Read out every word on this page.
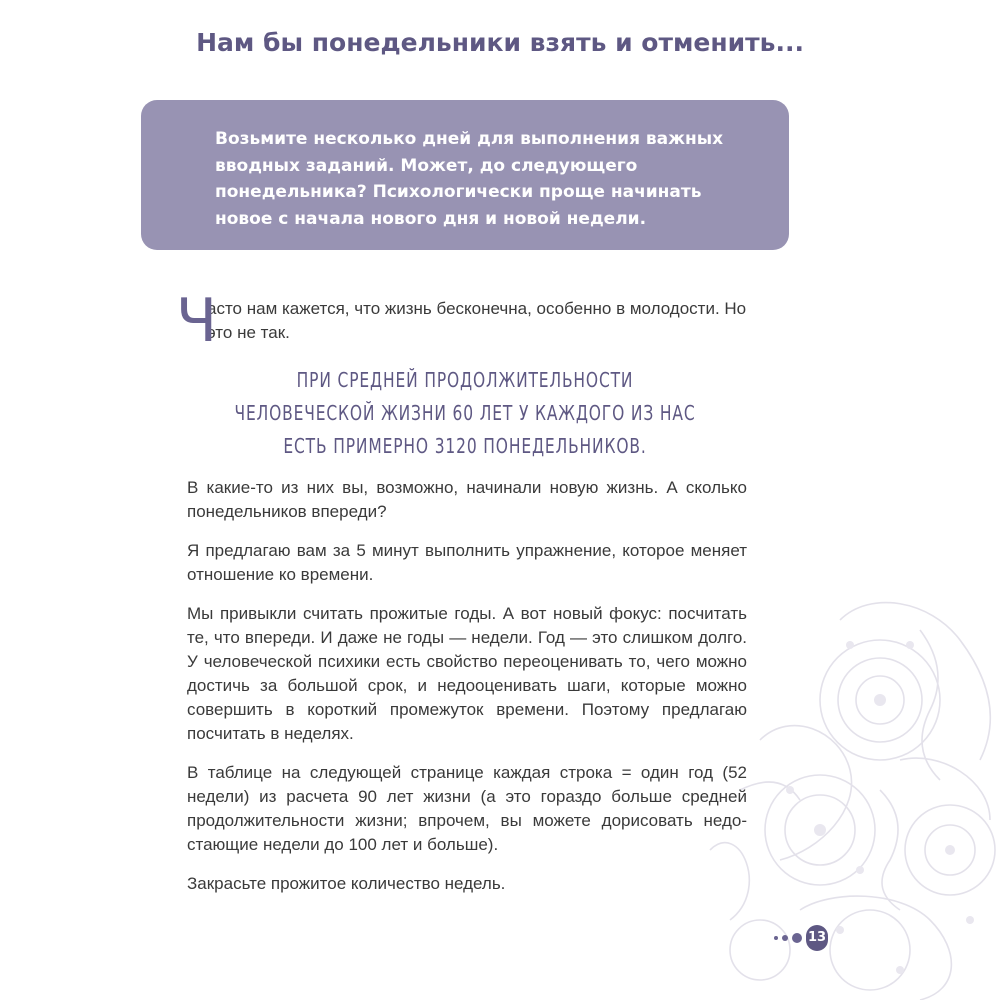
Нам бы понедельники взять и отменить...

Возьмите несколько дней для выполнения важных вводных заданий. Может, до следующего понедельника? Психологически проще начинать новое с начала нового дня и новой недели.

Ч

асто нам кажется, что жизнь бесконечна, особенно в молодости. Но это не так.

ПРИ СРЕДНЕЙ ПРОДОЛЖИТЕЛЬНОСТИ
ЧЕЛОВЕЧЕСКОЙ ЖИЗНИ 60 ЛЕТ У КАЖДОГО ИЗ НАС
ЕСТЬ ПРИМЕРНО 3120 ПОНЕДЕЛЬНИКОВ.

В какие-то из них вы, возможно, начинали новую жизнь. А сколько понедельников впереди?

Я предлагаю вам за 5 минут выполнить упражнение, которое меняет отношение ко времени.

Мы привыкли считать прожитые годы. А вот новый фокус: посчитать те, что впереди. И даже не годы — недели. Год — это слишком долго. У человеческой психики есть свойство переоценивать то, чего можно достичь за большой срок, и недооценивать шаги, которые можно совершить в короткий промежуток времени. Поэтому предлагаю посчитать в неделях.

В таблице на следующей странице каждая строка = один год (52 недели) из расчета 90 лет жизни (а это гораздо больше средней продолжительности жизни; впрочем, вы можете дорисовать недостающие недели до 100 лет и больше).

Закрасьте прожитое количество недель.

13
